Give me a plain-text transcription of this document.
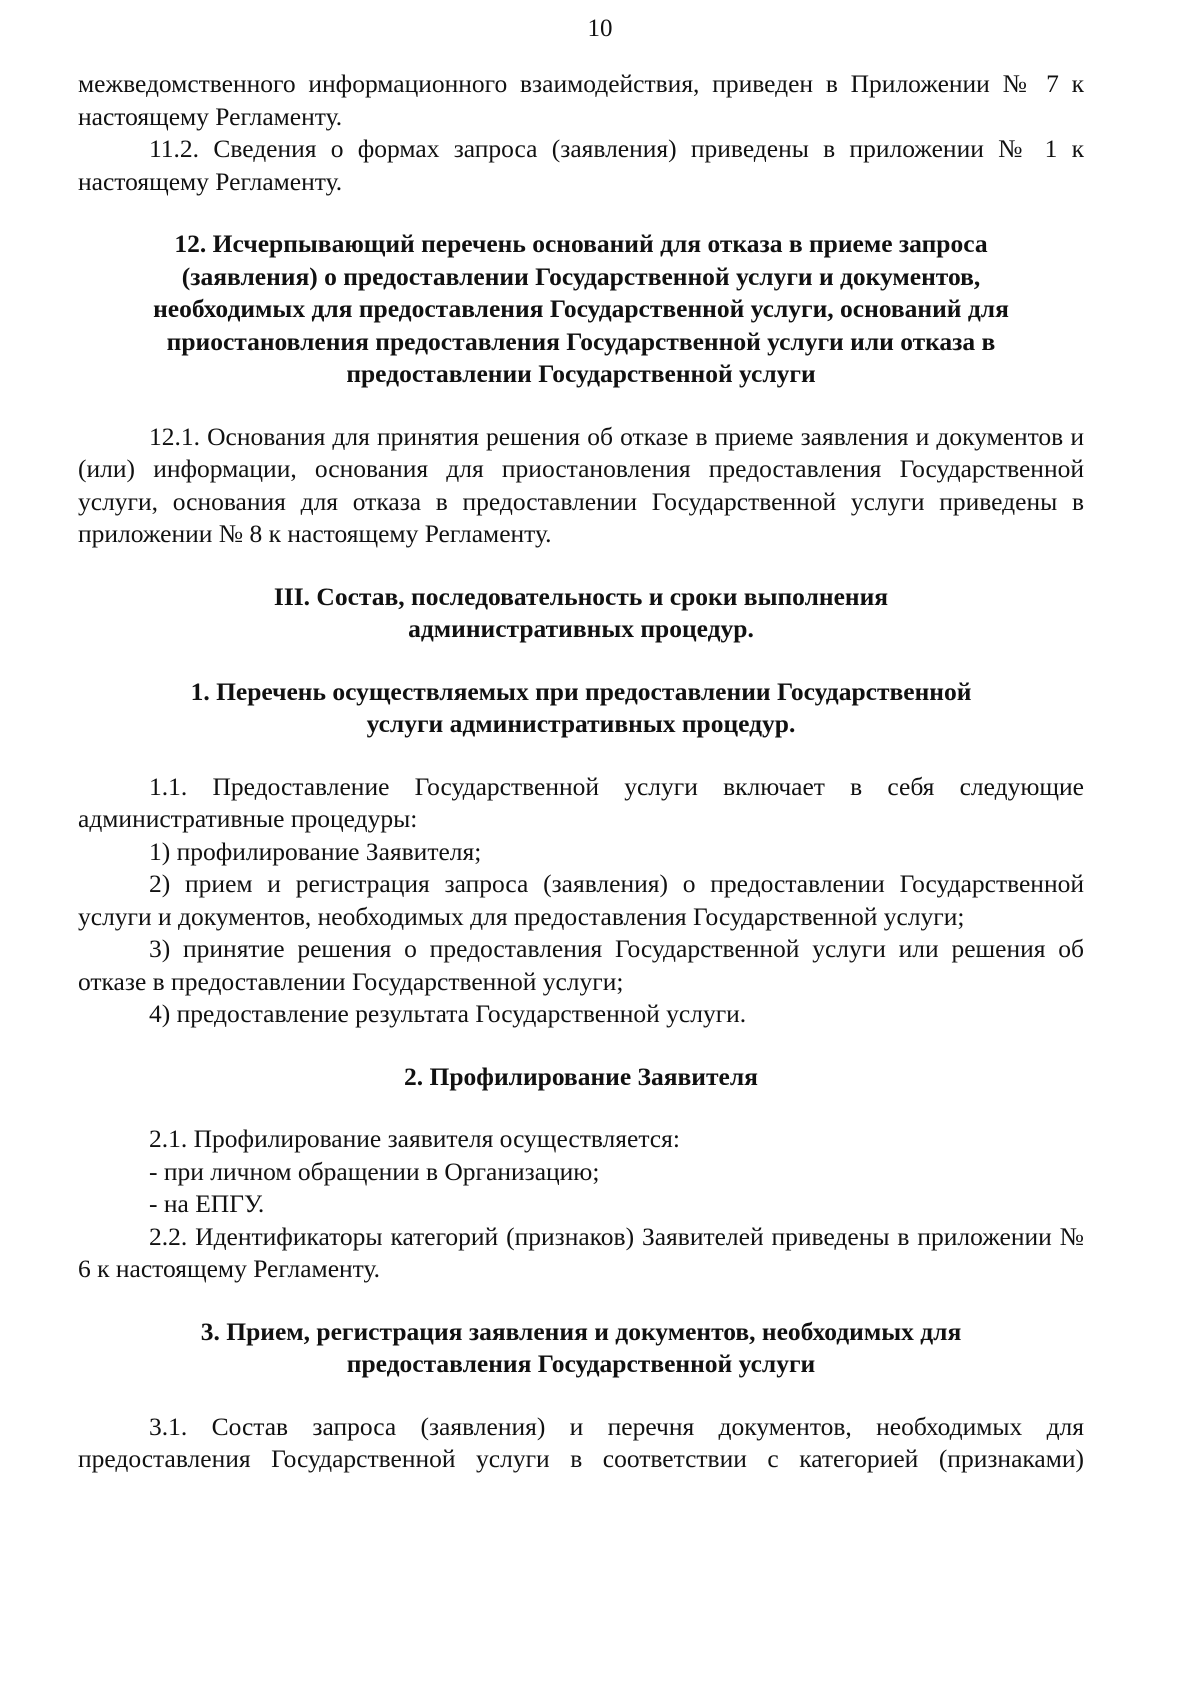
10

межведомственного информационного взаимодействия, приведен в Приложении № 7 к настоящему Регламенту.

11.2. Сведения о формах запроса (заявления) приведены в приложении № 1 к настоящему Регламенту.

12. Исчерпывающий перечень оснований для отказа в приеме запроса
(заявления) о предоставлении Государственной услуги и документов,
необходимых для предоставления Государственной услуги, оснований для
приостановления предоставления Государственной услуги или отказа в
предоставлении Государственной услуги

12.1. Основания для принятия решения об отказе в приеме заявления и документов и (или) информации, основания для приостановления предоставления Государственной услуги, основания для отказа в предоставлении Государственной услуги приведены в приложении № 8 к настоящему Регламенту.

III. Состав, последовательность и сроки выполнения
административных процедур.
1. Перечень осуществляемых при предоставлении Государственной
услуги административных процедур.

1.1. Предоставление Государственной услуги включает в себя следующие административные процедуры:

1) профилирование Заявителя;

2) прием и регистрация запроса (заявления) о предоставлении Государственной услуги и документов, необходимых для предоставления Государственной услуги;

3) принятие решения о предоставления Государственной услуги или решения об отказе в предоставлении Государственной услуги;

4) предоставление результата Государственной услуги.

2. Профилирование Заявителя

2.1. Профилирование заявителя осуществляется:

- при личном обращении в Организацию;

- на ЕПГУ.

2.2. Идентификаторы категорий (признаков) Заявителей приведены в приложении № 6 к настоящему Регламенту.

3. Прием, регистрация заявления и документов, необходимых для
предоставления Государственной услуги

3.1. Состав запроса (заявления) и перечня документов, необходимых для предоставления Государственной услуги в соответствии с категорией (признаками)
